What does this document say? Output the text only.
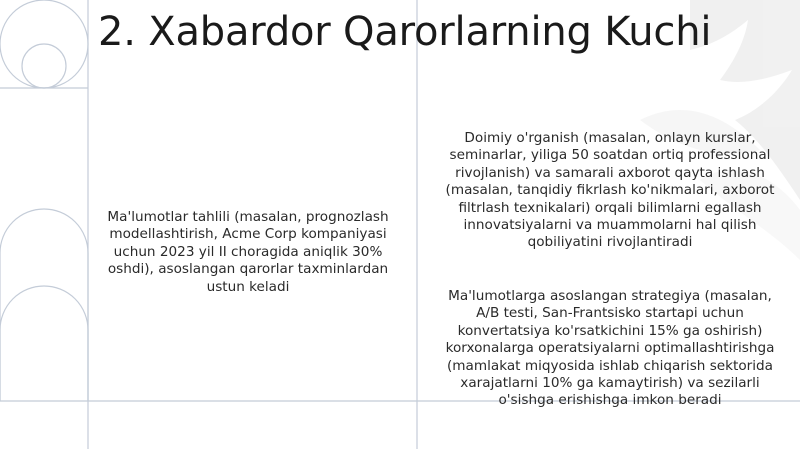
2. Xabardor Qarorlarning Kuchi
Ma'lumotlar tahlili (masalan, prognozlash modellashtirish, Acme Corp kompaniyasi uchun 2023 yil II choragida aniqlik 30% oshdi), asoslangan qarorlar taxminlardan ustun keladi
Doimiy o'rganish (masalan, onlayn kurslar, seminarlar, yiliga 50 soatdan ortiq professional rivojlanish) va samarali axborot qayta ishlash (masalan, tanqidiy fikrlash ko'nikmalari, axborot filtrlash texnikalari) orqali bilimlarni egallash innovatsiyalarni va muammolarni hal qilish qobiliyatini rivojlantiradi
Ma'lumotlarga asoslangan strategiya (masalan, A/B testi, San-Frantsisko startapi uchun konvertatsiya ko'rsatkichini 15% ga oshirish) korxonalarga operatsiyalarni optimallashtirishga (mamlakat miqyosida ishlab chiqarish sektorida xarajatlarni 10% ga kamaytirish) va sezilarli o'sishga erishishga imkon beradi
